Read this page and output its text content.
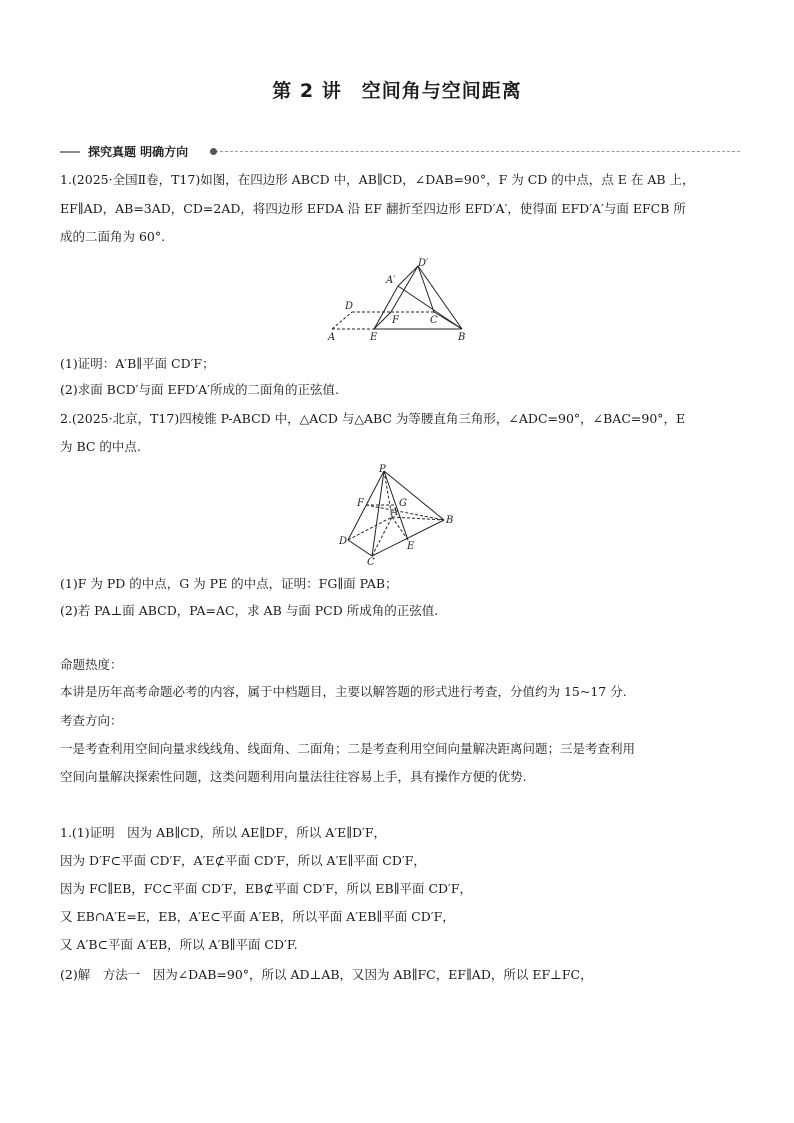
第 2 讲　空间角与空间距离
探究真题 明确方向
1.(2025·全国Ⅱ卷，T17)如图，在四边形 ABCD 中，AB∥CD，∠DAB=90°，F 为 CD 的中点，点 E 在 AB 上，
EF∥AD，AB=3AD，CD=2AD，将四边形 EFDA 沿 EF 翻折至四边形 EFD′A′，使得面 EFD′A′与面 EFCB 所
成的二面角为 60°.
D′
A′
D
F	C
A	E	B
(1)证明：A′B∥平面 CD′F；
(2)求面 BCD′与面 EFD′A′所成的二面角的正弦值.
2.(2025·北京，T17)四棱锥 P-ABCD 中，△ACD 与△ABC 为等腰直角三角形，∠ADC=90°，∠BAC=90°，E
为 BC 的中点.
P
F	G
A
B
D	E
C
(1)F 为 PD 的中点，G 为 PE 的中点，证明：FG∥面 PAB；
(2)若 PA⊥面 ABCD，PA=AC，求 AB 与面 PCD 所成角的正弦值.
命题热度：
本讲是历年高考命题必考的内容，属于中档题目，主要以解答题的形式进行考查，分值约为 15~17 分.
考查方向：
一是考查利用空间向量求线线角、线面角、二面角；二是考查利用空间向量解决距离问题；三是考查利用
空间向量解决探索性问题，这类问题利用向量法往往容易上手，具有操作方便的优势.
1.(1)证明　因为 AB∥CD，所以 AE∥DF，所以 A′E∥D′F，
因为 D′F⊂平面 CD′F，A′E⊄平面 CD′F，所以 A′E∥平面 CD′F，
因为 FC∥EB，FC⊂平面 CD′F，EB⊄平面 CD′F，所以 EB∥平面 CD′F，
又 EB∩A′E=E，EB，A′E⊂平面 A′EB，所以平面 A′EB∥平面 CD′F，
又 A′B⊂平面 A′EB，所以 A′B∥平面 CD′F.
(2)解　方法一　因为∠DAB=90°，所以 AD⊥AB，又因为 AB∥FC，EF∥AD，所以 EF⊥FC，
